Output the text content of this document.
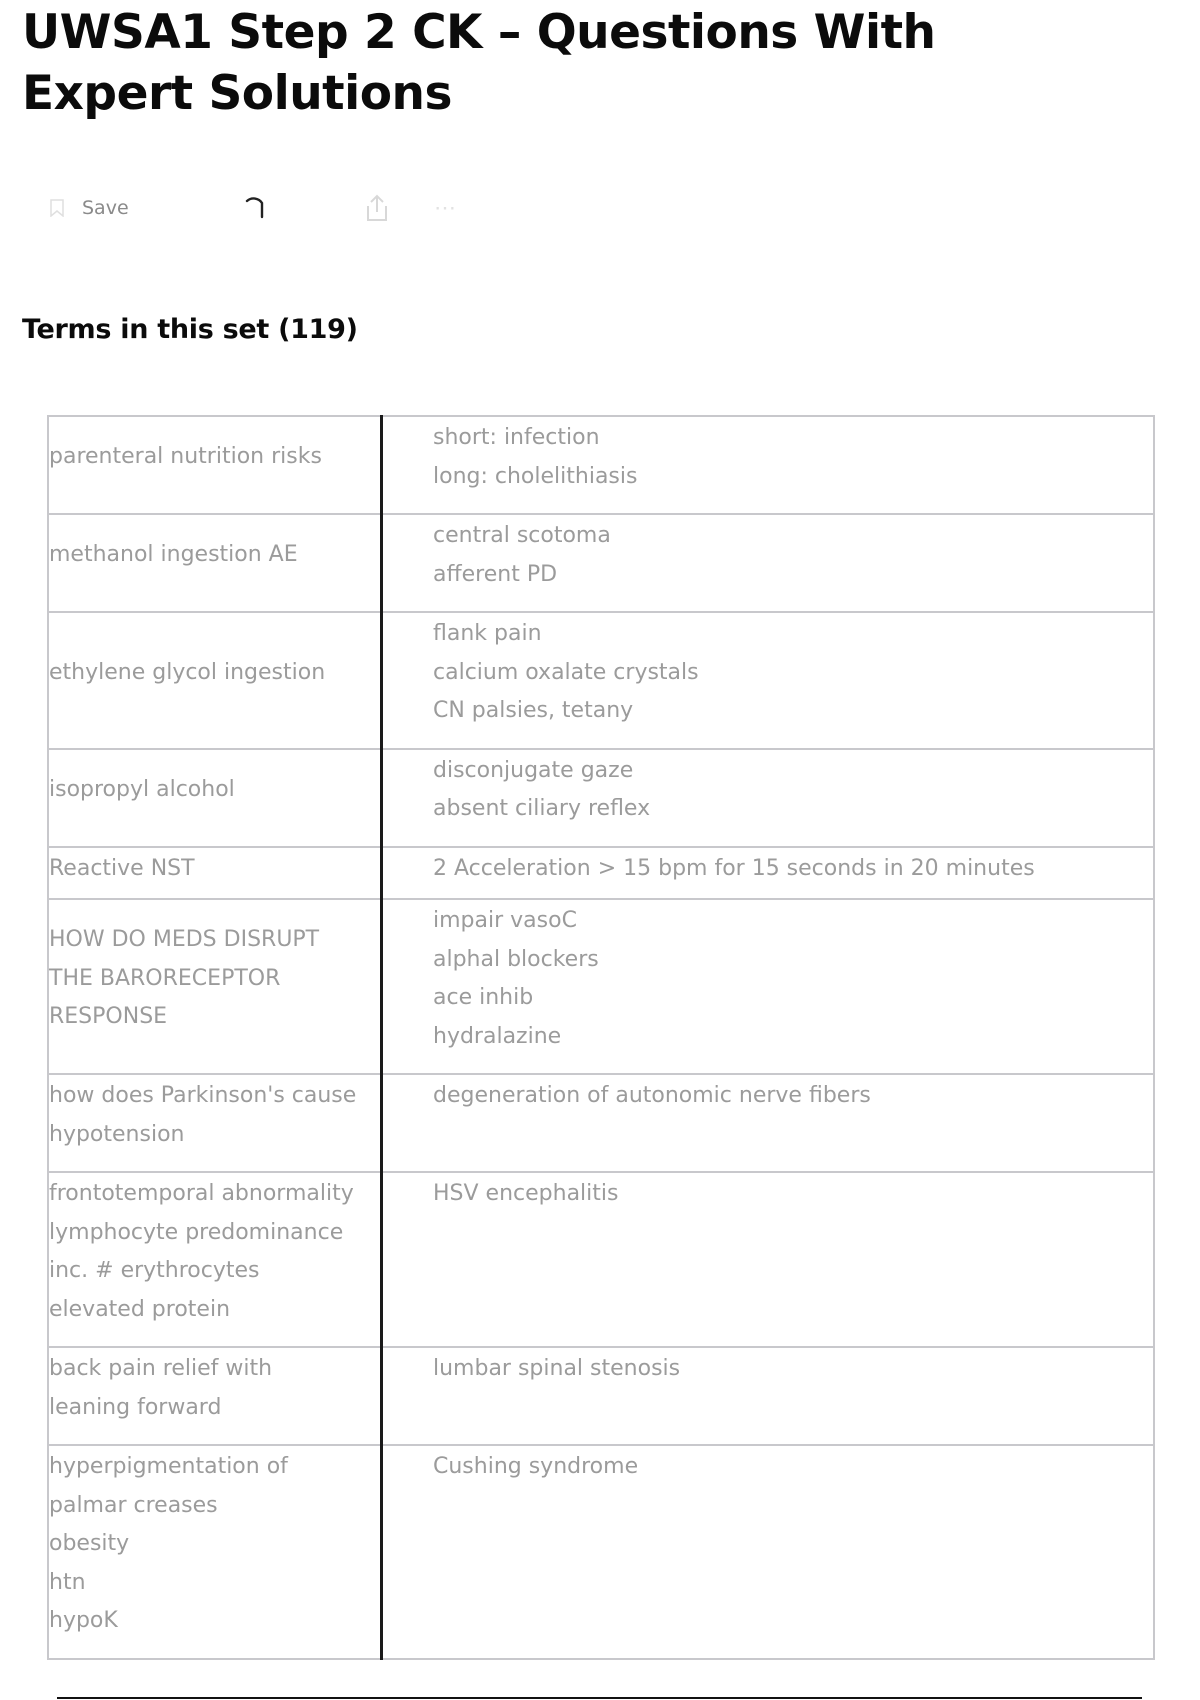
UWSA1 Step 2 CK – Questions With Expert Solutions
Save	⋯
Terms in this set (119)
parenteral nutrition risks	short: infection
long: cholelithiasis

methanol ingestion AE	central scotoma
afferent PD

ethylene glycol ingestion	flank pain
calcium oxalate crystals
CN palsies, tetany

isopropyl alcohol	disconjugate gaze
absent ciliary reflex

Reactive NST	2 Acceleration > 15 bpm for 15 seconds in 20 minutes

HOW DO MEDS DISRUPT
THE BARORECEPTOR
RESPONSE	impair vasoC
alphal blockers
ace inhib
hydralazine

how does Parkinson's cause
hypotension	degeneration of autonomic nerve fibers

frontotemporal abnormality
lymphocyte predominance
inc. # erythrocytes
elevated protein	HSV encephalitis

back pain relief with
leaning forward	lumbar spinal stenosis

hyperpigmentation of
palmar creases
obesity
htn
hypoK	Cushing syndrome
